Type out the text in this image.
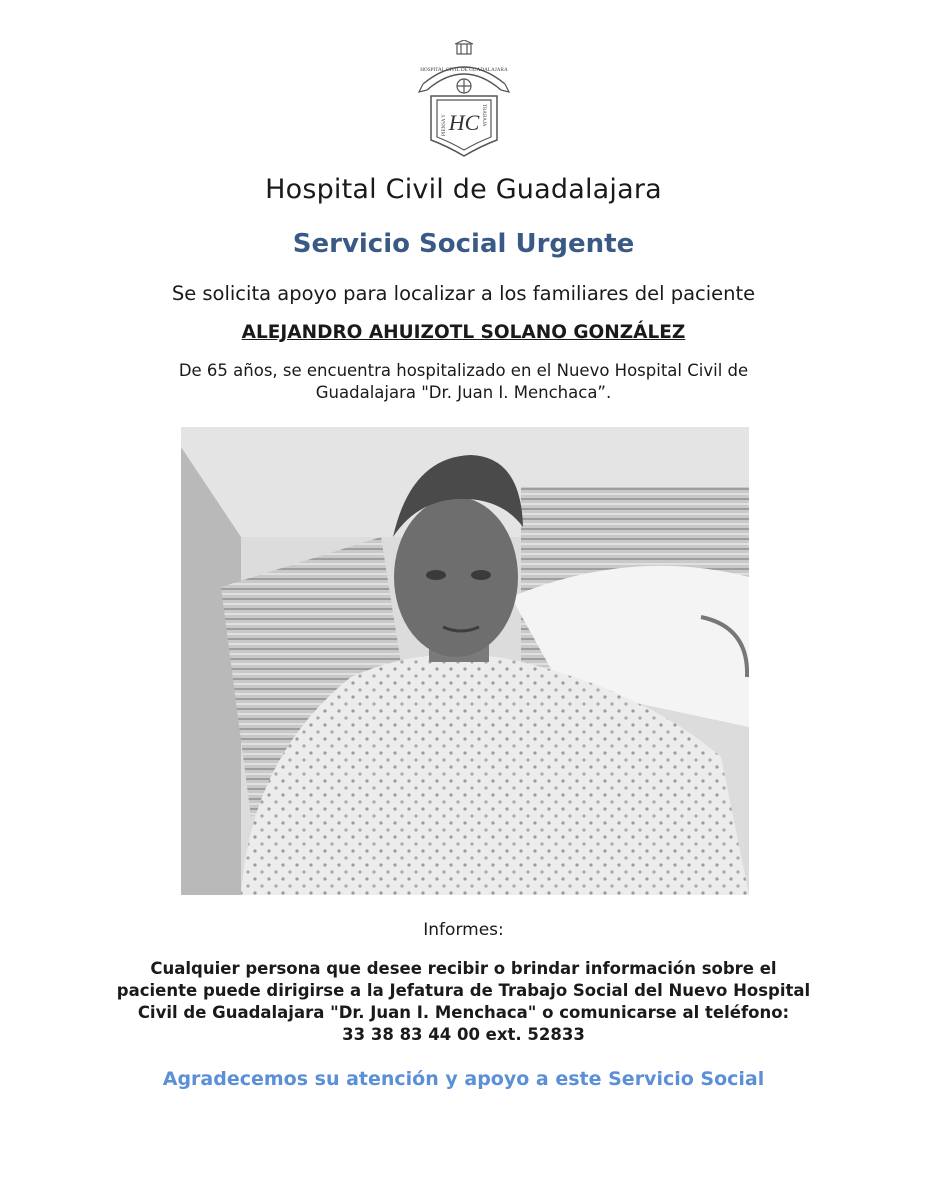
HOSPITAL CIVIL DE GUADALAJARA
HC
PIENSA Y	TRABAJA
Hospital Civil de Guadalajara
Servicio Social Urgente
Se solicita apoyo para localizar a los familiares del paciente
ALEJANDRO AHUIZOTL SOLANO GONZÁLEZ
De 65 años, se encuentra hospitalizado en el Nuevo Hospital Civil de
Guadalajara "Dr. Juan I. Menchaca”.
Informes:
Cualquier persona que desee recibir o brindar información sobre el
paciente puede dirigirse a la Jefatura de Trabajo Social del Nuevo Hospital
Civil de Guadalajara "Dr. Juan I. Menchaca" o comunicarse al teléfono:
33 38 83 44 00 ext. 52833
Agradecemos su atención y apoyo a este Servicio Social
